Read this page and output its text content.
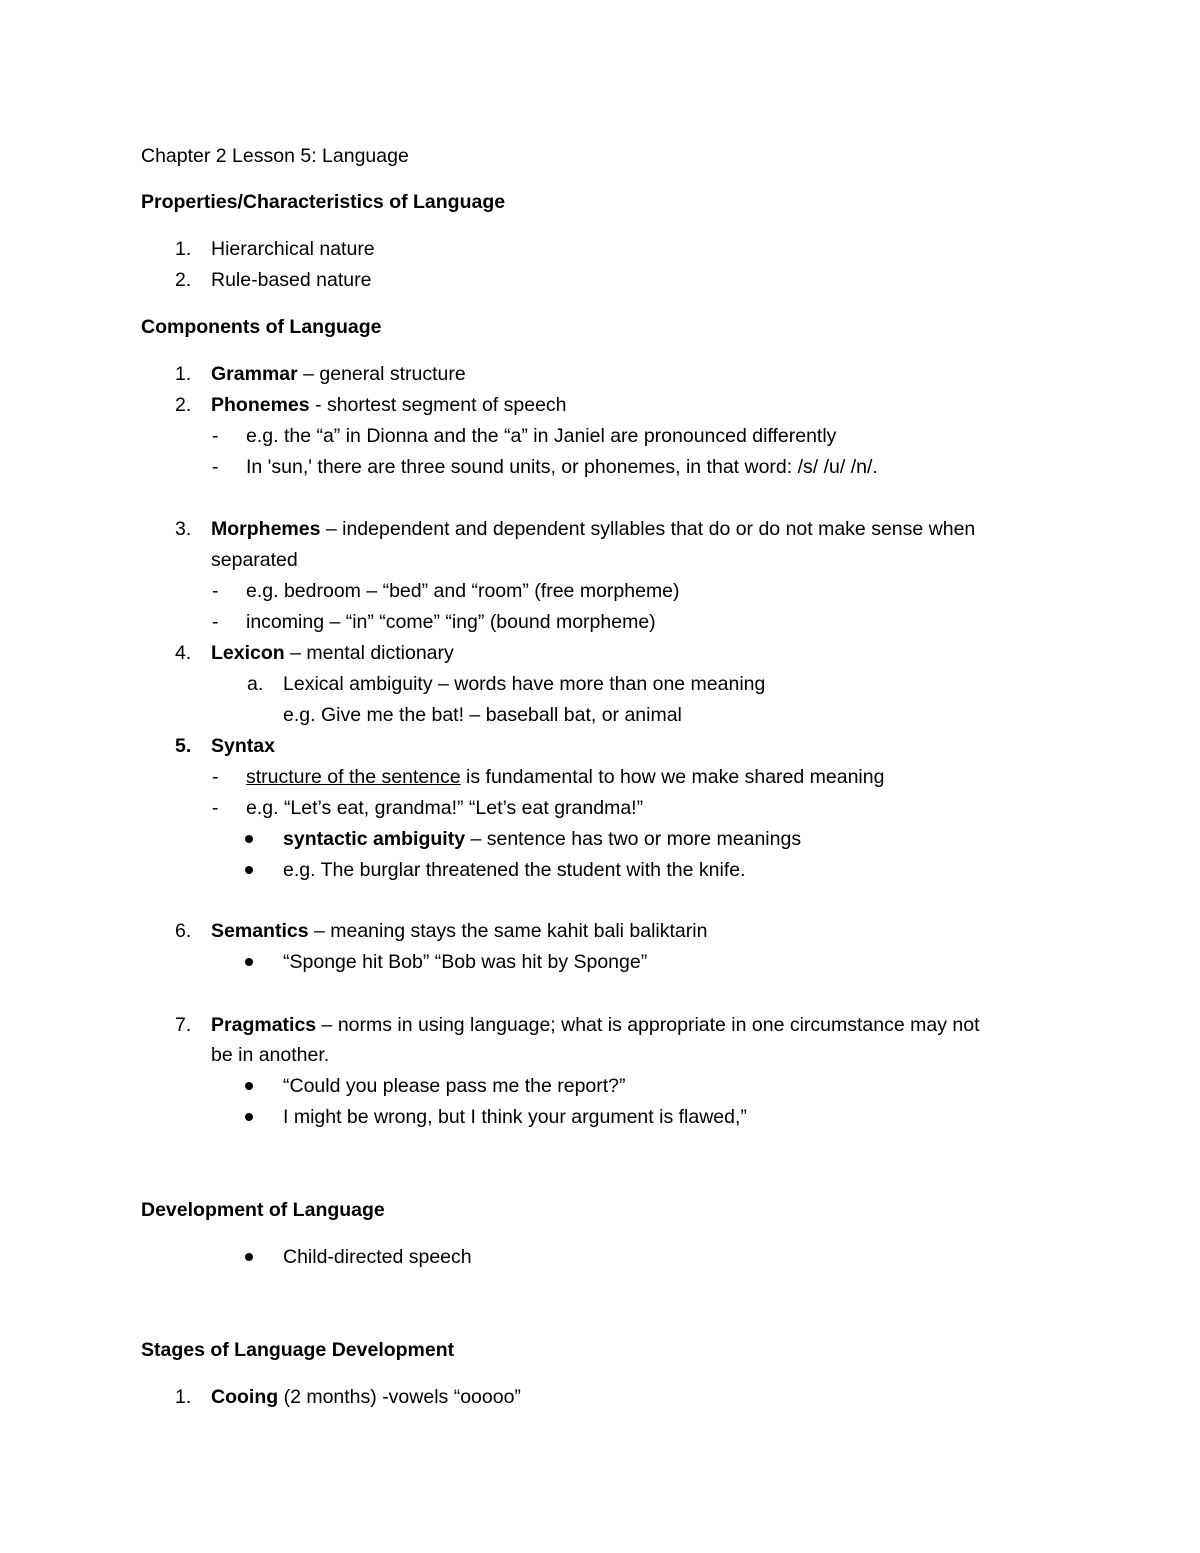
Chapter 2 Lesson 5: Language
Properties/Characteristics of Language
1. Hierarchical nature
2. Rule-based nature
Components of Language
1. Grammar – general structure
2. Phonemes - shortest segment of speech
- e.g. the “a” in Dionna and the “a” in Janiel are pronounced differently
- In 'sun,' there are three sound units, or phonemes, in that word: /s/ /u/ /n/.
3. Morphemes – independent and dependent syllables that do or do not make sense when
separated
- e.g. bedroom – “bed” and “room” (free morpheme)
- incoming – “in” “come” “ing” (bound morpheme)
4. Lexicon – mental dictionary
a. Lexical ambiguity – words have more than one meaning
e.g. Give me the bat! – baseball bat, or animal
5. Syntax
- structure of the sentence is fundamental to how we make shared meaning
- e.g. “Let’s eat, grandma!” “Let’s eat grandma!”
syntactic ambiguity – sentence has two or more meanings
e.g. The burglar threatened the student with the knife.
6. Semantics – meaning stays the same kahit bali baliktarin
“Sponge hit Bob” “Bob was hit by Sponge”
7. Pragmatics – norms in using language; what is appropriate in one circumstance may not
be in another.
“Could you please pass me the report?”
I might be wrong, but I think your argument is flawed,”
Development of Language
Child-directed speech
Stages of Language Development
1. Cooing (2 months) -vowels “ooooo”
